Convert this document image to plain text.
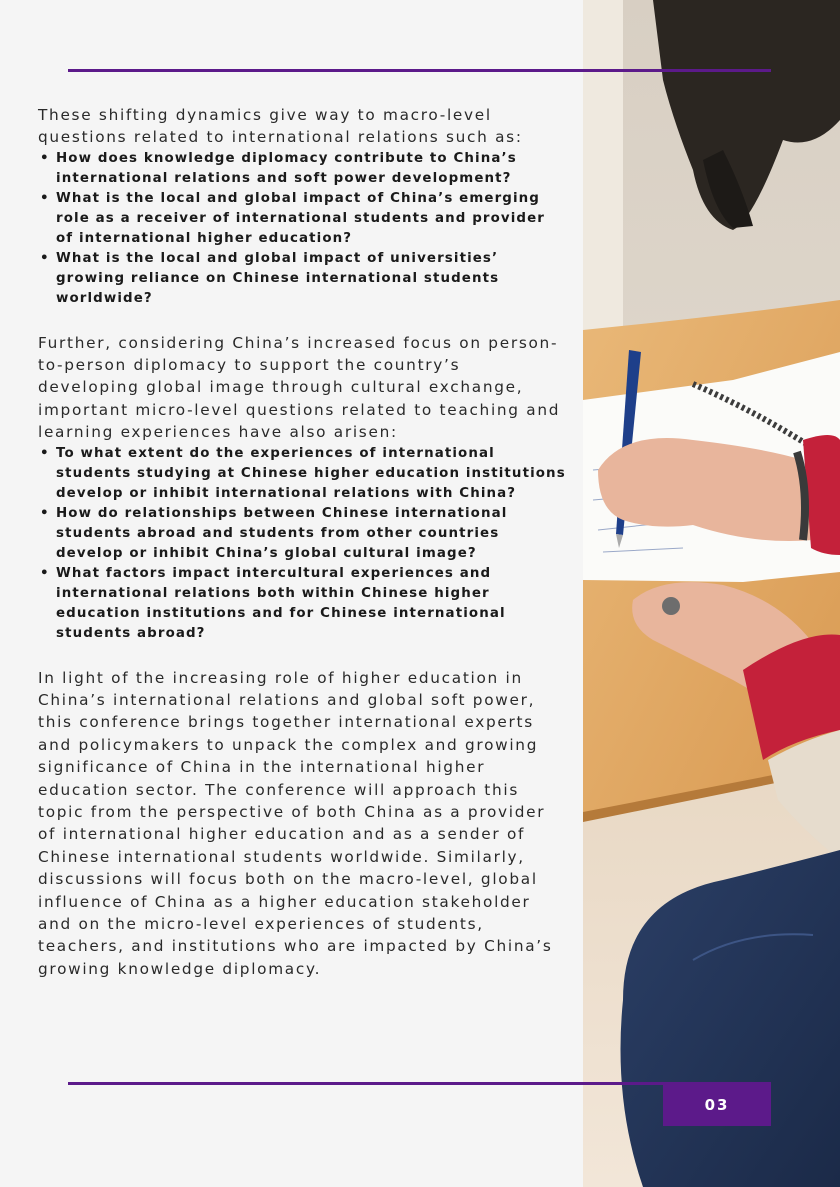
These shifting dynamics give way to macro-level questions related to international relations such as:

• How does knowledge diplomacy contribute to China’s international relations and soft power development?
• What is the local and global impact of China’s emerging role as a receiver of international students and provider of international higher education?
• What is the local and global impact of universities’ growing reliance on Chinese international students worldwide?

Further, considering China’s increased focus on person-to-person diplomacy to support the country’s developing global image through cultural exchange, important micro-level questions related to teaching and learning experiences have also arisen:

• To what extent do the experiences of international students studying at Chinese higher education institutions develop or inhibit international relations with China?
• How do relationships between Chinese international students abroad and students from other countries develop or inhibit China’s global cultural image?
• What factors impact intercultural experiences and international relations both within Chinese higher education institutions and for Chinese international students abroad?

In light of the increasing role of higher education in China’s international relations and global soft power, this conference brings together international experts and policymakers to unpack the complex and growing significance of China in the international higher education sector. The conference will approach this topic from the perspective of both China as a provider of international higher education and as a sender of Chinese international students worldwide. Similarly, discussions will focus both on the macro-level, global influence of China as a higher education stakeholder and on the micro-level experiences of students, teachers, and institutions who are impacted by China’s growing knowledge diplomacy.

03
